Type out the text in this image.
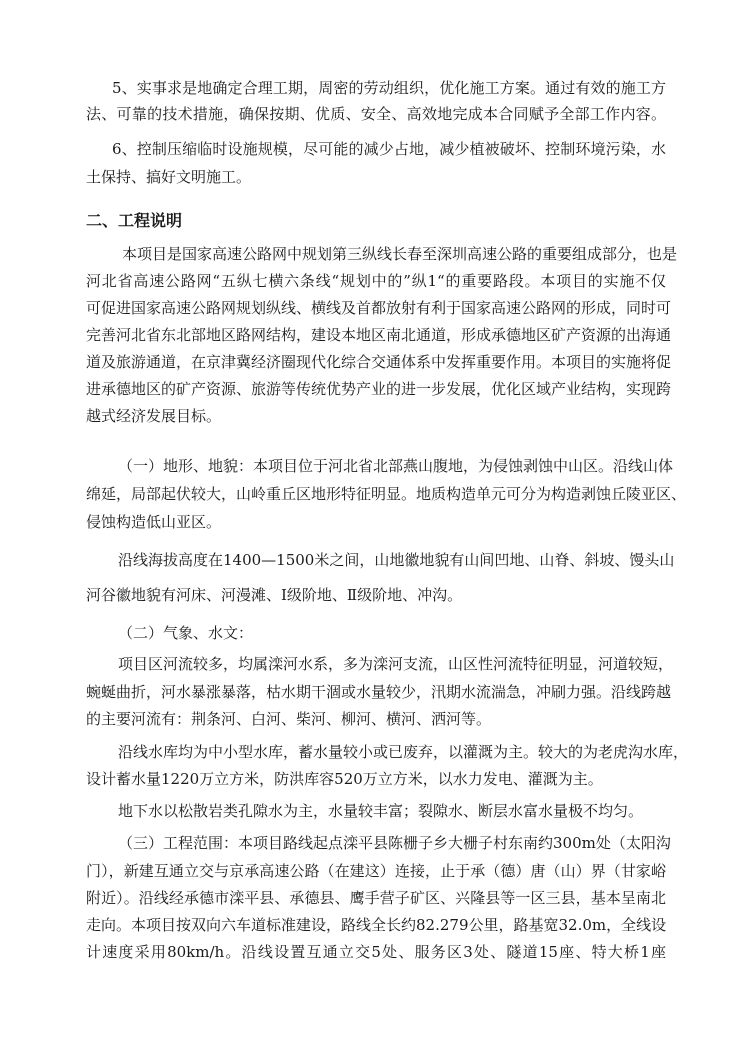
5、实事求是地确定合理工期，周密的劳动组织，优化施工方案。通过有效的施工方
法、可靠的技术措施，确保按期、优质、安全、高效地完成本合同赋予全部工作内容。
6、控制压缩临时设施规模，尽可能的减少占地，减少植被破坏、控制环境污染，水
土保持、搞好文明施工。
二、工程说明
本项目是国家高速公路网中规划第三纵线长春至深圳高速公路的重要组成部分，也是
河北省高速公路网“五纵七横六条线“规划中的”纵1“的重要路段。本项目的实施不仅
可促进国家高速公路网规划纵线、横线及首都放射有利于国家高速公路网的形成，同时可
完善河北省东北部地区路网结构，建设本地区南北通道，形成承德地区矿产资源的出海通
道及旅游通道，在京津冀经济圈现代化综合交通体系中发挥重要作用。本项目的实施将促
进承德地区的矿产资源、旅游等传统优势产业的进一步发展，优化区域产业结构，实现跨
越式经济发展目标。
（一）地形、地貌：本项目位于河北省北部燕山腹地，为侵蚀剥蚀中山区。沿线山体
绵延，局部起伏较大，山岭重丘区地形特征明显。地质构造单元可分为构造剥蚀丘陵亚区、
侵蚀构造低山亚区。
沿线海拔高度在1400—1500米之间，山地徽地貌有山间凹地、山脊、斜坡、馒头山
河谷徽地貌有河床、河漫滩、Ⅰ级阶地、Ⅱ级阶地、冲沟。
（二）气象、水文：
项目区河流较多，均属滦河水系，多为滦河支流，山区性河流特征明显，河道较短，
蜿蜒曲折，河水暴涨暴落，枯水期干涸或水量较少，汛期水流湍急，冲刷力强。沿线跨越
的主要河流有：荆条河、白河、柴河、柳河、横河、洒河等。
沿线水库均为中小型水库，蓄水量较小或已废弃，以灌溉为主。较大的为老虎沟水库，
设计蓄水量1220万立方米，防洪库容520万立方米，以水力发电、灌溉为主。
地下水以松散岩类孔隙水为主，水量较丰富；裂隙水、断层水富水量极不均匀。
（三）工程范围：本项目路线起点滦平县陈栅子乡大栅子村东南约300m处（太阳沟
门），新建互通立交与京承高速公路（在建这）连接，止于承（德）唐（山）界（甘家峪
附近）。沿线经承德市滦平县、承德县、鹰手营子矿区、兴隆县等一区三县，基本呈南北
走向。本项目按双向六车道标准建设，路线全长约82.279公里，路基宽32.0m，全线设
计速度采用80km/h。沿线设置互通立交5处、服务区3处、隧道15座、特大桥1座
